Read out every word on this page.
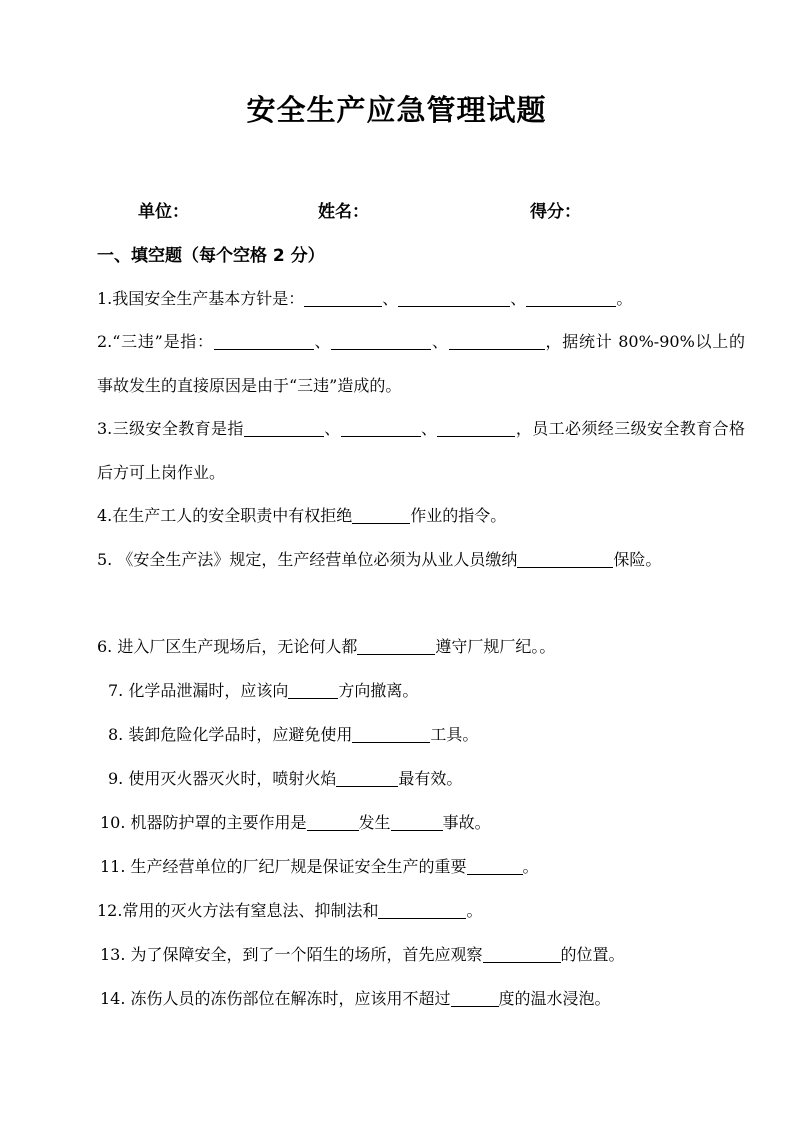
安全生产应急管理试题
单位：	姓名：	得分：
一、填空题（每个空格 2 分）
1.我国安全生产基本方针是：	、	、	。
2.“三违”是指：	、	、	，据统计 80%-90%以上的事故发生的直接原因是由于“三违”造成的。
3.三级安全教育是指	、	、	，员工必须经三级安全教育合格后方可上岗作业。
4.在生产工人的安全职责中有权拒绝	作业的指令。
5. 《安全生产法》规定，生产经营单位必须为从业人员缴纳	保险。
6. 进入厂区生产现场后，无论何人都	遵守厂规厂纪。。
7. 化学品泄漏时，应该向	方向撤离。
8. 装卸危险化学品时，应避免使用	工具。
9. 使用灭火器灭火时，喷射火焰	最有效。
10. 机器防护罩的主要作用是	发生	事故。
11. 生产经营单位的厂纪厂规是保证安全生产的重要	。
12.常用的灭火方法有窒息法、抑制法和	。
13. 为了保障安全，到了一个陌生的场所，首先应观察	的位置。
14. 冻伤人员的冻伤部位在解冻时，应该用不超过	度的温水浸泡。
